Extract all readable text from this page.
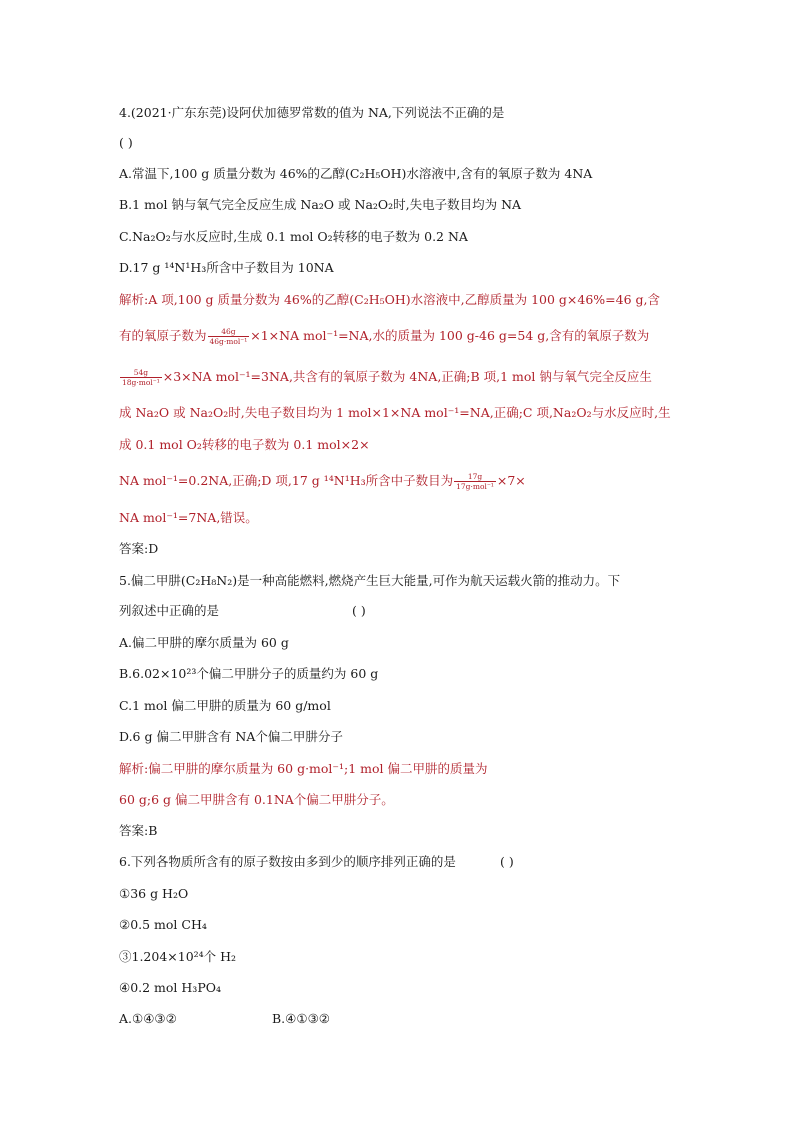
4.(2021·广东东莞)设阿伏加德罗常数的值为 NA,下列说法不正确的是
( )
A.常温下,100 g 质量分数为 46%的乙醇(C₂H₅OH)水溶液中,含有的氧原子数为 4NA
B.1 mol 钠与氧气完全反应生成 Na₂O 或 Na₂O₂时,失电子数目均为 NA
C.Na₂O₂与水反应时,生成 0.1 mol O₂转移的电子数为 0.2 NA
D.17 g ¹⁴N¹H₃所含中子数目为 10NA
解析:A 项,100 g 质量分数为 46%的乙醇(C₂H₅OH)水溶液中,乙醇质量为 100 g×46%=46 g,含
有的氧原子数为 $\frac{46g}{\text{46g·mol⁻¹}} \times 1\times NA$ mol⁻¹=NA,水的质量为 100 g-46 g=54 g,含有的氧原子数为
$\frac{54g}{\text{18g·mol⁻¹}} \times 3\times NA$ mol⁻¹=3NA,共含有的氧原子数为 4NA,正确;B 项,1 mol 钠与氧气完全反应生
成 Na₂O 或 Na₂O₂时,失电子数目均为 1 mol×1×NA mol⁻¹=NA,正确;C 项,Na₂O₂与水反应时,生
成 0.1 mol O₂转移的电子数为 0.1 mol×2×
NA mol⁻¹=0.2NA,正确;D 项,17 g ¹⁴N¹H₃所含中子数目为 $\frac{17g}{\text{17g·mol⁻¹}} \times 7\times$
NA mol⁻¹=7NA,错误。
答案:D
5.偏二甲肼(C₂H₈N₂)是一种高能燃料,燃烧产生巨大能量,可作为航天运载火箭的推动力。下
列叙述中正确的是	( )
A.偏二甲肼的摩尔质量为 60 g
B.6.02×10²³个偏二甲肼分子的质量约为 60 g
C.1 mol 偏二甲肼的质量为 60 g/mol
D.6 g 偏二甲肼含有 NA个偏二甲肼分子
解析:偏二甲肼的摩尔质量为 60 g·mol⁻¹;1 mol 偏二甲肼的质量为
60 g;6 g 偏二甲肼含有 0.1NA个偏二甲肼分子。
答案:B
6.下列各物质所含有的原子数按由多到少的顺序排列正确的是	( )
①36 g H₂O
②0.5 mol CH₄
③1.204×10²⁴个 H₂
④0.2 mol H₃PO₄
A.①④③②	B.④①③②
